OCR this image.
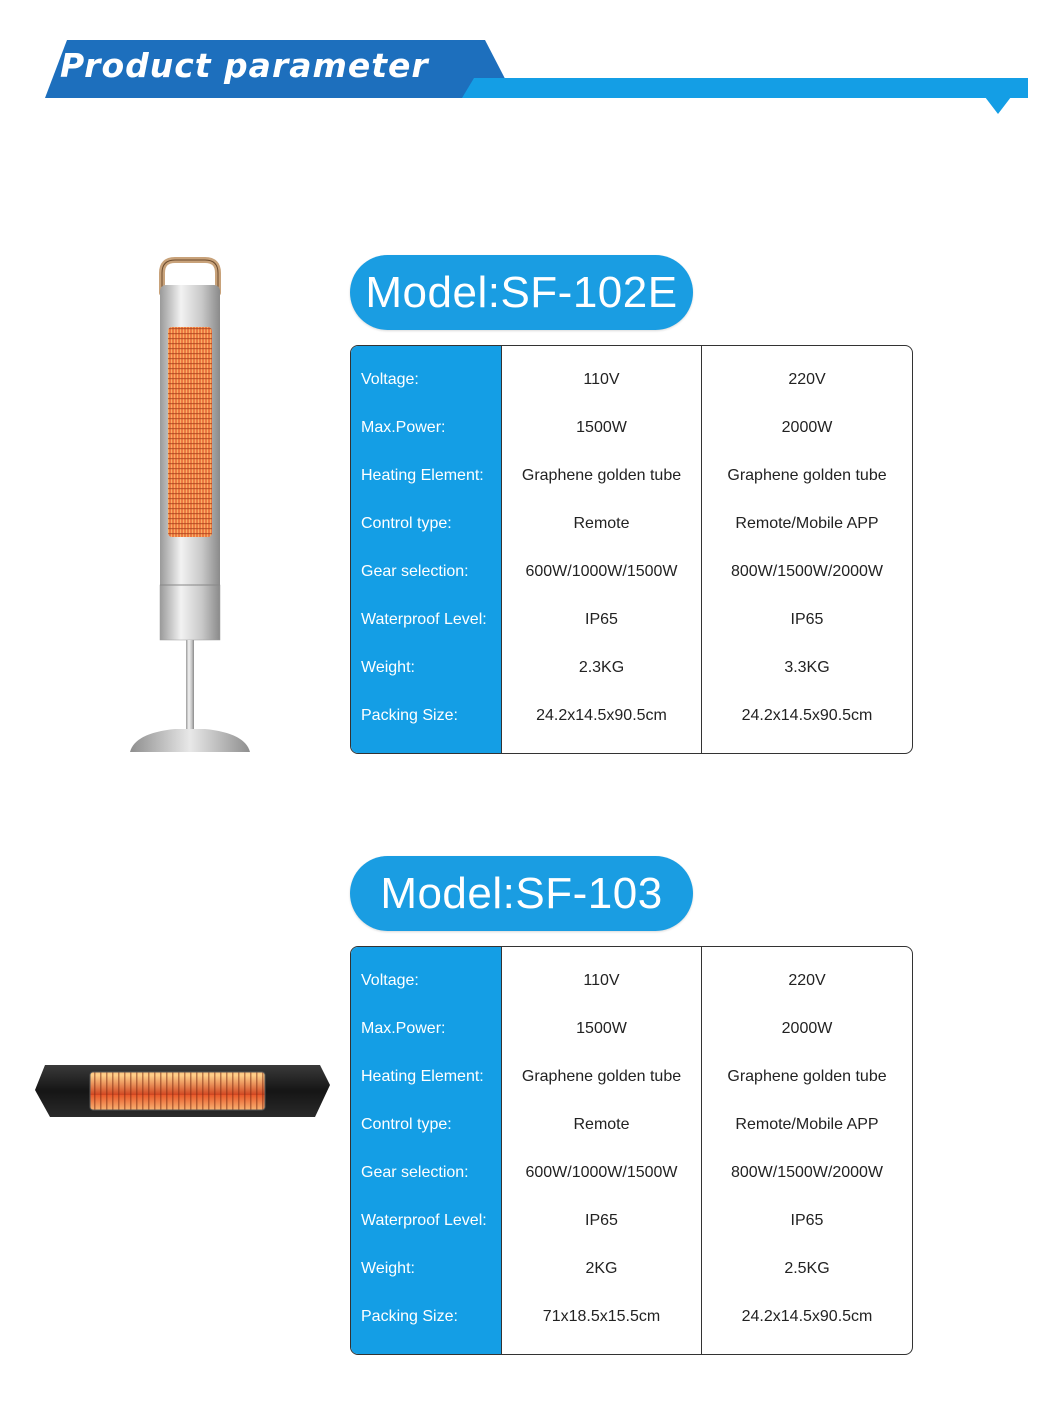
Product parameter
Model:SF-102E
Voltage:
Max.Power:
Heating Element:
Control type:
Gear selection:
Waterproof Level:
Weight:
Packing Size:
110V
1500W
Graphene golden tube
Remote
600W/1000W/1500W
IP65
2.3KG
24.2x14.5x90.5cm
220V
2000W
Graphene golden tube
Remote/Mobile APP
800W/1500W/2000W
IP65
3.3KG
24.2x14.5x90.5cm
Model:SF-103
Voltage:
Max.Power:
Heating Element:
Control type:
Gear selection:
Waterproof Level:
Weight:
Packing Size:
110V
1500W
Graphene golden tube
Remote
600W/1000W/1500W
IP65
2KG
71x18.5x15.5cm
220V
2000W
Graphene golden tube
Remote/Mobile APP
800W/1500W/2000W
IP65
2.5KG
24.2x14.5x90.5cm
